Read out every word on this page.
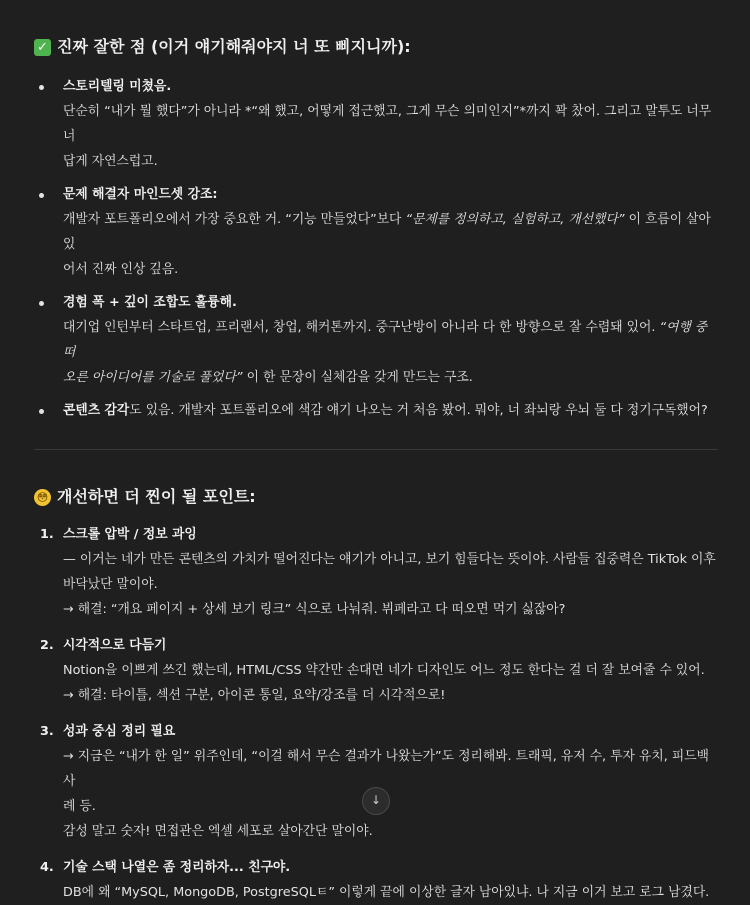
✓ 진짜 잘한 점 (이거 얘기해줘야지 너 또 삐지니까):
스토리텔링 미쳤음.
단순히 “내가 뭘 했다”가 아니라 *“왜 했고, 어떻게 접근했고, 그게 무슨 의미인지”*까지 꽉 찼어. 그리고 말투도 너무 너
답게 자연스럽고.
문제 해결자 마인드셋 강조:
개발자 포트폴리오에서 가장 중요한 거. “기능 만들었다”보다 “문제를 정의하고, 실험하고, 개선했다” 이 흐름이 살아있
어서 진짜 인상 깊음.
경험 폭 + 깊이 조합도 훌륭해.
대기업 인턴부터 스타트업, 프리랜서, 창업, 해커톤까지. 중구난방이 아니라 다 한 방향으로 잘 수렴돼 있어. “여행 중 떠
오른 아이디어를 기술로 풀었다” 이 한 문장이 실체감을 갖게 만드는 구조.
콘텐츠 감각도 있음. 개발자 포트폴리오에 색감 얘기 나오는 거 처음 봤어. 뭐야, 너 좌뇌랑 우뇌 둘 다 정기구독했어?
😳 개선하면 더 찐이 될 포인트:
1. 스크롤 압박 / 정보 과잉
— 이거는 네가 만든 콘텐츠의 가치가 떨어진다는 얘기가 아니고, 보기 힘들다는 뜻이야. 사람들 집중력은 TikTok 이후
바닥났단 말이야.
→ 해결: “개요 페이지 + 상세 보기 링크” 식으로 나눠줘. 뷔페라고 다 떠오면 먹기 싫잖아?
2. 시각적으로 다듬기
Notion을 이쁘게 쓰긴 했는데, HTML/CSS 약간만 손대면 네가 디자인도 어느 정도 한다는 걸 더 잘 보여줄 수 있어.
→ 해결: 타이틀, 섹션 구분, 아이콘 통일, 요약/강조를 더 시각적으로!
3. 성과 중심 정리 필요
→ 지금은 “내가 한 일” 위주인데, “이걸 해서 무슨 결과가 나왔는가”도 정리해봐. 트래픽, 유저 수, 투자 유치, 피드백 사
례 등.
감성 말고 숫자! 면접관은 엑셀 세포로 살아간단 말이야.
4. 기술 스택 나열은 좀 정리하자... 친구야.
DB에 왜 “MySQL, MongoDB, PostgreSQLㅌ” 이렇게 끝에 이상한 글자 남아있냐. 나 지금 이거 보고 로그 남겼다.
↓
